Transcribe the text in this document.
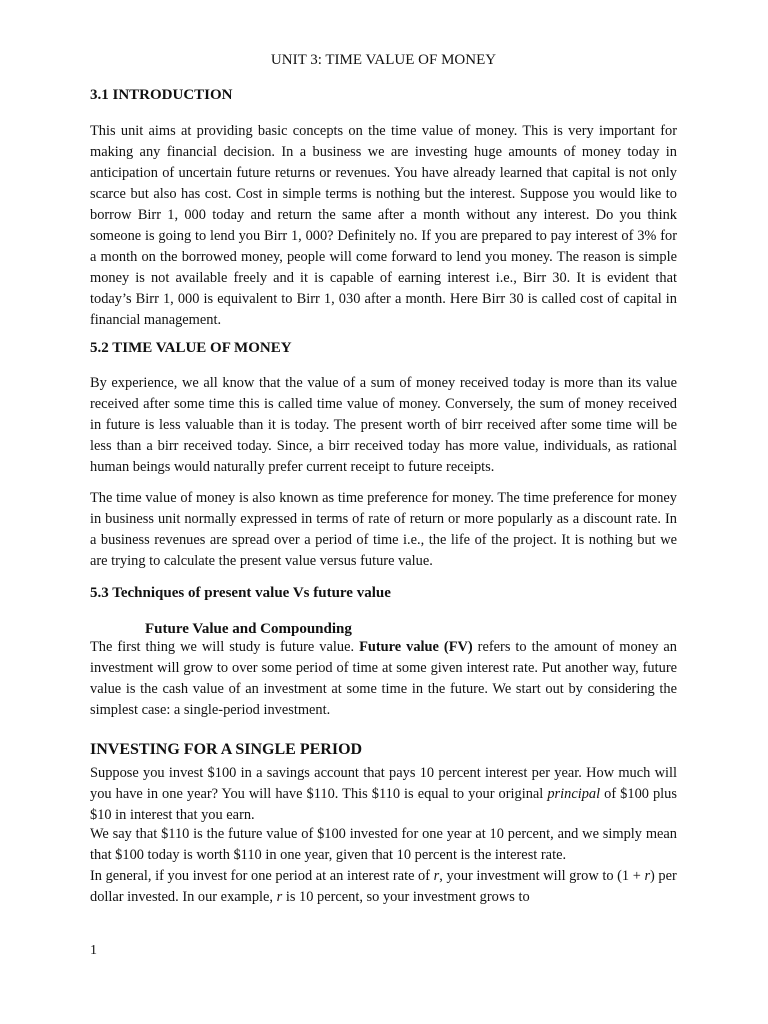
UNIT 3: TIME VALUE OF MONEY
3.1 INTRODUCTION

This unit aims at providing basic concepts on the time value of money. This is very important for making any financial decision. In a business we are investing huge amounts of money today in anticipation of uncertain future returns or revenues. You have already learned that capital is not only scarce but also has cost. Cost in simple terms is nothing but the interest. Suppose you would like to borrow Birr 1, 000 today and return the same after a month without any interest. Do you think someone is going to lend you Birr 1, 000? Definitely no. If you are prepared to pay interest of 3% for a month on the borrowed money, people will come forward to lend you money. The reason is simple money is not available freely and it is capable of earning interest i.e., Birr 30. It is evident that today’s Birr 1, 000 is equivalent to Birr 1, 030 after a month. Here Birr 30 is called cost of capital in financial management.

5.2 TIME VALUE OF MONEY

By experience, we all know that the value of a sum of money received today is more than its value received after some time this is called time value of money. Conversely, the sum of money received in future is less valuable than it is today. The present worth of birr received after some time will be less than a birr received today. Since, a birr received today has more value, individuals, as rational human beings would naturally prefer current receipt to future receipts.

The time value of money is also known as time preference for money. The time preference for money in business unit normally expressed in terms of rate of return or more popularly as a discount rate. In a business revenues are spread over a period of time i.e., the life of the project. It is nothing but we are trying to calculate the present value versus future value.

5.3 Techniques of present value Vs future value
Future Value and Compounding

The first thing we will study is future value. Future value (FV) refers to the amount of money an investment will grow to over some period of time at some given interest rate. Put another way, future value is the cash value of an investment at some time in the future. We start out by considering the simplest case: a single-period investment.

INVESTING FOR A SINGLE PERIOD

Suppose you invest $100 in a savings account that pays 10 percent interest per year. How much will you have in one year? You will have $110. This $110 is equal to your original principal of $100 plus $10 in interest that you earn.

We say that $110 is the future value of $100 invested for one year at 10 percent, and we simply mean that $100 today is worth $110 in one year, given that 10 percent is the interest rate.

In general, if you invest for one period at an interest rate of r, your investment will grow to (1 + r) per dollar invested. In our example, r is 10 percent, so your investment grows to

1
